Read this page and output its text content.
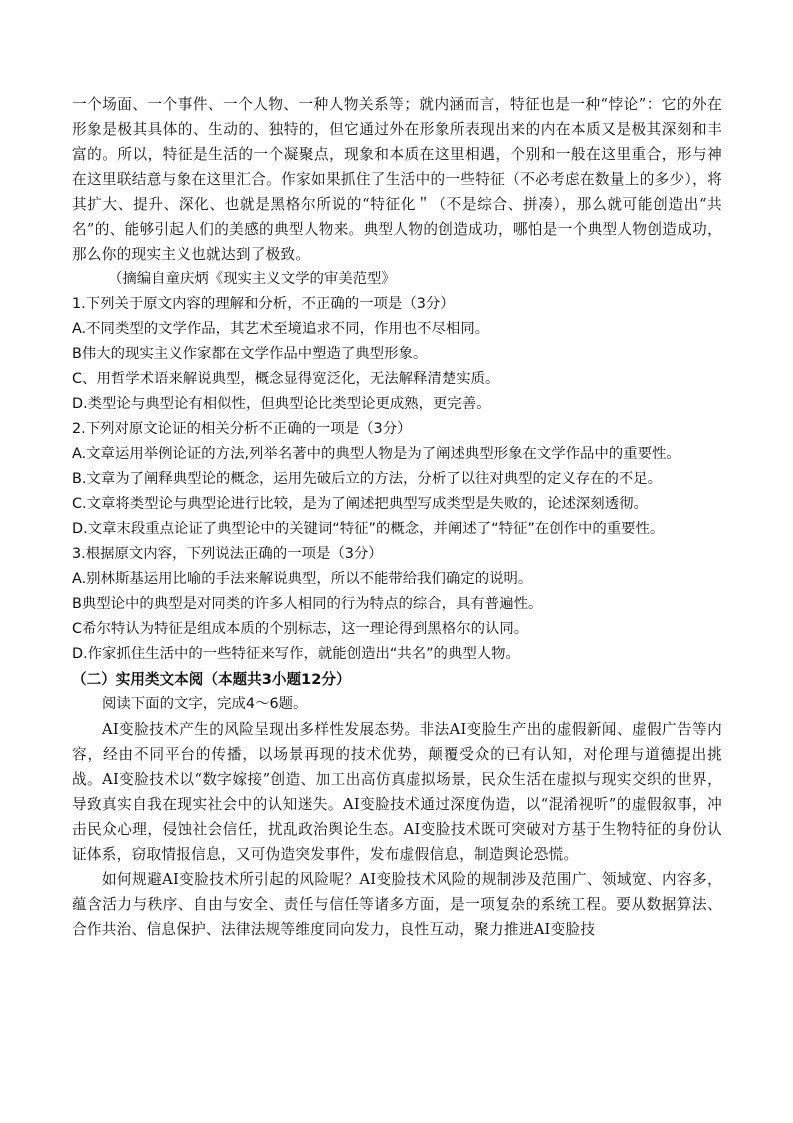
一个场面、一个事件、一个人物、一种人物关系等；就内涵而言，特征也是一种“悖论”：它的外在形象是极其具体的、生动的、独特的，但它通过外在形象所表现出来的内在本质又是极其深刻和丰富的。所以，特征是生活的一个凝聚点，现象和本质在这里相遇，个别和一般在这里重合，形与神在这里联结意与象在这里汇合。作家如果抓住了生活中的一些特征（不必考虑在数量上的多少），将其扩大、提升、深化、也就是黑格尔所说的“特征化＂（不是综合、拼凑），那么就可能创造出“共名”的、能够引起人们的美感的典型人物来。典型人物的创造成功，哪怕是一个典型人物创造成功，那么你的现实主义也就达到了极致。

（摘编自童庆炳《现实主义文学的审美范型》

1.下列关于原文内容的理解和分析，不正确的一项是（3分）

A.不同类型的文学作品，其艺术至境追求不同，作用也不尽相同。

B伟大的现实主义作家都在文学作品中塑造了典型形象。

C、用哲学术语来解说典型，概念显得宽泛化，无法解释清楚实质。

D.类型论与典型论有相似性，但典型论比类型论更成熟，更完善。

2.下列对原文论证的相关分析不正确的一项是（3分）

A.文章运用举例论证的方法,列举名著中的典型人物是为了阐述典型形象在文学作品中的重要性。

B.文章为了阐释典型论的概念，运用先破后立的方法，分析了以往对典型的定义存在的不足。

C.文章将类型论与典型论进行比较，是为了阐述把典型写成类型是失败的，论述深刻透彻。

D.文章末段重点论证了典型论中的关键词“特征”的概念，并阐述了“特征”在创作中的重要性。

3.根据原文内容，下列说法正确的一项是（3分）

A.别林斯基运用比喻的手法来解说典型，所以不能带给我们确定的说明。

B典型论中的典型是对同类的许多人相同的行为特点的综合，具有普遍性。

C希尔特认为特征是组成本质的个别标志，这一理论得到黑格尔的认同。

D.作家抓住生活中的一些特征来写作，就能创造出“共名”的典型人物。

（二）实用类文本阅（本题共3小题12分）

阅读下面的文字，完成4～6题。

AI变脸技术产生的风险呈现出多样性发展态势。非法AI变脸生产出的虚假新闻、虚假广告等内容，经由不同平台的传播，以场景再现的技术优势，颠覆受众的已有认知，对伦理与道德提出挑战。AI变脸技术以“数字嫁接”创造、加工出高仿真虚拟场景，民众生活在虚拟与现实交织的世界，导致真实自我在现实社会中的认知迷失。AI变脸技术通过深度伪造，以“混淆视听”的虚假叙事，冲击民众心理，侵蚀社会信任，扰乱政治舆论生态。AI变脸技术既可突破对方基于生物特征的身份认证体系，窃取情报信息，又可伪造突发事件，发布虚假信息，制造舆论恐慌。

如何规避AI变脸技术所引起的风险呢？AI变脸技术风险的规制涉及范围广、领域宽、内容多，蕴含活力与秩序、自由与安全、责任与信任等诸多方面，是一项复杂的系统工程。要从数据算法、合作共治、信息保护、法律法规等维度同向发力，良性互动，聚力推进AI变脸技
